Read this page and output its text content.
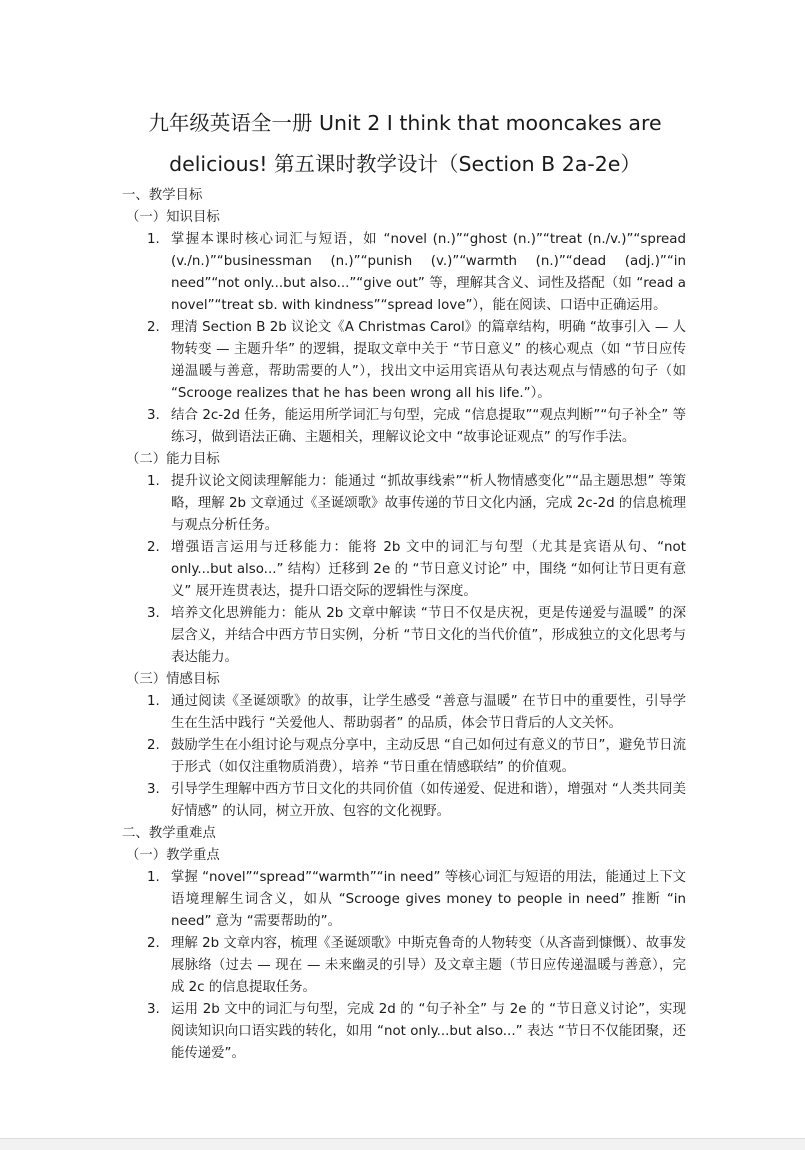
九年级英语全一册 Unit 2 I think that mooncakes are
delicious! 第五课时教学设计（Section B 2a-2e）
一、教学目标
（一）知识目标
1. 掌握本课时核心词汇与短语，如 “novel (n.)”“ghost (n.)”“treat (n./v.)”“spread (v./n.)”“businessman (n.)”“punish (v.)”“warmth (n.)”“dead (adj.)”“in need”“not only...but also...”“give out” 等，理解其含义、词性及搭配（如 “read a novel”“treat sb. with kindness”“spread love”），能在阅读、口语中正确运用。
2. 理清 Section B 2b 议论文《A Christmas Carol》的篇章结构，明确 “故事引入 — 人物转变 — 主题升华” 的逻辑，提取文章中关于 “节日意义” 的核心观点（如 “节日应传递温暖与善意，帮助需要的人”），找出文中运用宾语从句表达观点与情感的句子（如 “Scrooge realizes that he has been wrong all his life.”）。
3. 结合 2c-2d 任务，能运用所学词汇与句型，完成 “信息提取”“观点判断”“句子补全” 等练习，做到语法正确、主题相关，理解议论文中 “故事论证观点” 的写作手法。
（二）能力目标
1. 提升议论文阅读理解能力：能通过 “抓故事线索”“析人物情感变化”“品主题思想” 等策略，理解 2b 文章通过《圣诞颂歌》故事传递的节日文化内涵，完成 2c-2d 的信息梳理与观点分析任务。
2. 增强语言运用与迁移能力：能将 2b 文中的词汇与句型（尤其是宾语从句、“not only...but also...” 结构）迁移到 2e 的 “节日意义讨论” 中，围绕 “如何让节日更有意义” 展开连贯表达，提升口语交际的逻辑性与深度。
3. 培养文化思辨能力：能从 2b 文章中解读 “节日不仅是庆祝，更是传递爱与温暖” 的深层含义，并结合中西方节日实例，分析 “节日文化的当代价值”，形成独立的文化思考与表达能力。
（三）情感目标
1. 通过阅读《圣诞颂歌》的故事，让学生感受 “善意与温暖” 在节日中的重要性，引导学生在生活中践行 “关爱他人、帮助弱者” 的品质，体会节日背后的人文关怀。
2. 鼓励学生在小组讨论与观点分享中，主动反思 “自己如何过有意义的节日”，避免节日流于形式（如仅注重物质消费），培养 “节日重在情感联结” 的价值观。
3. 引导学生理解中西方节日文化的共同价值（如传递爱、促进和谐），增强对 “人类共同美好情感” 的认同，树立开放、包容的文化视野。
二、教学重难点
（一）教学重点
1. 掌握 “novel”“spread”“warmth”“in need” 等核心词汇与短语的用法，能通过上下文语境理解生词含义，如从 “Scrooge gives money to people in need” 推断 “in need” 意为 “需要帮助的”。
2. 理解 2b 文章内容，梳理《圣诞颂歌》中斯克鲁奇的人物转变（从吝啬到慷慨）、故事发展脉络（过去 — 现在 — 未来幽灵的引导）及文章主题（节日应传递温暖与善意），完成 2c 的信息提取任务。
3. 运用 2b 文中的词汇与句型，完成 2d 的 “句子补全” 与 2e 的 “节日意义讨论”，实现阅读知识向口语实践的转化，如用 “not only...but also...” 表达 “节日不仅能团聚，还能传递爱”。
